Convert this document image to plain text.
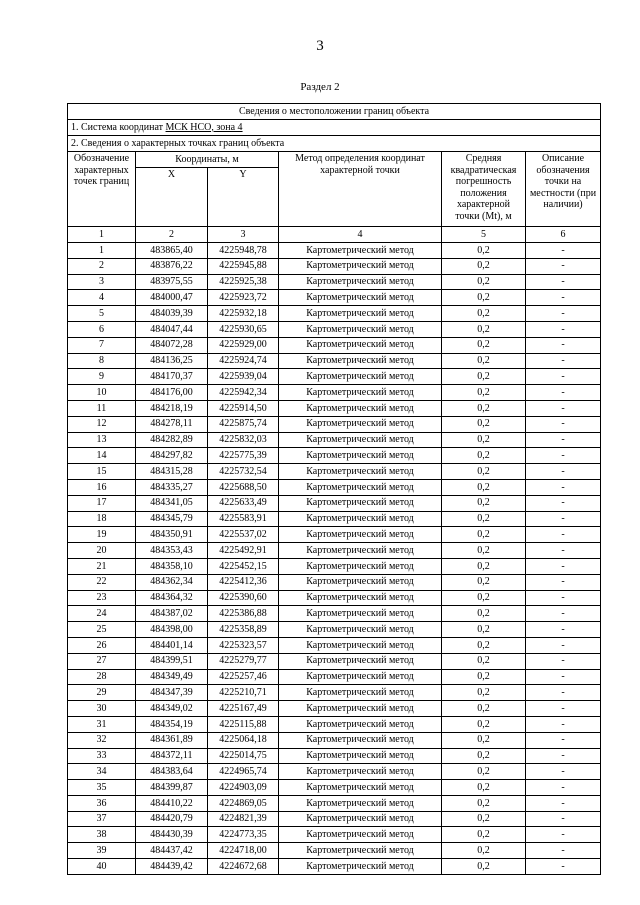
3
Раздел 2
Сведения о местоположении границ объекта					
1. Система координат МСК НСО, зона 4					
2. Сведения о характерных точках границ объекта					
Обозначение характерных точек границ	Координаты, м		Метод определения координат характерной точки	Средняя квадратическая погрешность положения характерной точки (Mt), м	Описание обозначения точки на местности (при наличии)
	X	Y			
1	2	3	4	5	6
1	483865,40	4225948,78	Картометрический метод	0,2	-
2	483876,22	4225945,88	Картометрический метод	0,2	-
3	483975,55	4225925,38	Картометрический метод	0,2	-
4	484000,47	4225923,72	Картометрический метод	0,2	-
5	484039,39	4225932,18	Картометрический метод	0,2	-
6	484047,44	4225930,65	Картометрический метод	0,2	-
7	484072,28	4225929,00	Картометрический метод	0,2	-
8	484136,25	4225924,74	Картометрический метод	0,2	-
9	484170,37	4225939,04	Картометрический метод	0,2	-
10	484176,00	4225942,34	Картометрический метод	0,2	-
11	484218,19	4225914,50	Картометрический метод	0,2	-
12	484278,11	4225875,74	Картометрический метод	0,2	-
13	484282,89	4225832,03	Картометрический метод	0,2	-
14	484297,82	4225775,39	Картометрический метод	0,2	-
15	484315,28	4225732,54	Картометрический метод	0,2	-
16	484335,27	4225688,50	Картометрический метод	0,2	-
17	484341,05	4225633,49	Картометрический метод	0,2	-
18	484345,79	4225583,91	Картометрический метод	0,2	-
19	484350,91	4225537,02	Картометрический метод	0,2	-
20	484353,43	4225492,91	Картометрический метод	0,2	-
21	484358,10	4225452,15	Картометрический метод	0,2	-
22	484362,34	4225412,36	Картометрический метод	0,2	-
23	484364,32	4225390,60	Картометрический метод	0,2	-
24	484387,02	4225386,88	Картометрический метод	0,2	-
25	484398,00	4225358,89	Картометрический метод	0,2	-
26	484401,14	4225323,57	Картометрический метод	0,2	-
27	484399,51	4225279,77	Картометрический метод	0,2	-
28	484349,49	4225257,46	Картометрический метод	0,2	-
29	484347,39	4225210,71	Картометрический метод	0,2	-
30	484349,02	4225167,49	Картометрический метод	0,2	-
31	484354,19	4225115,88	Картометрический метод	0,2	-
32	484361,89	4225064,18	Картометрический метод	0,2	-
33	484372,11	4225014,75	Картометрический метод	0,2	-
34	484383,64	4224965,74	Картометрический метод	0,2	-
35	484399,87	4224903,09	Картометрический метод	0,2	-
36	484410,22	4224869,05	Картометрический метод	0,2	-
37	484420,79	4224821,39	Картометрический метод	0,2	-
38	484430,39	4224773,35	Картометрический метод	0,2	-
39	484437,42	4224718,00	Картометрический метод	0,2	-
40	484439,42	4224672,68	Картометрический метод	0,2	-
